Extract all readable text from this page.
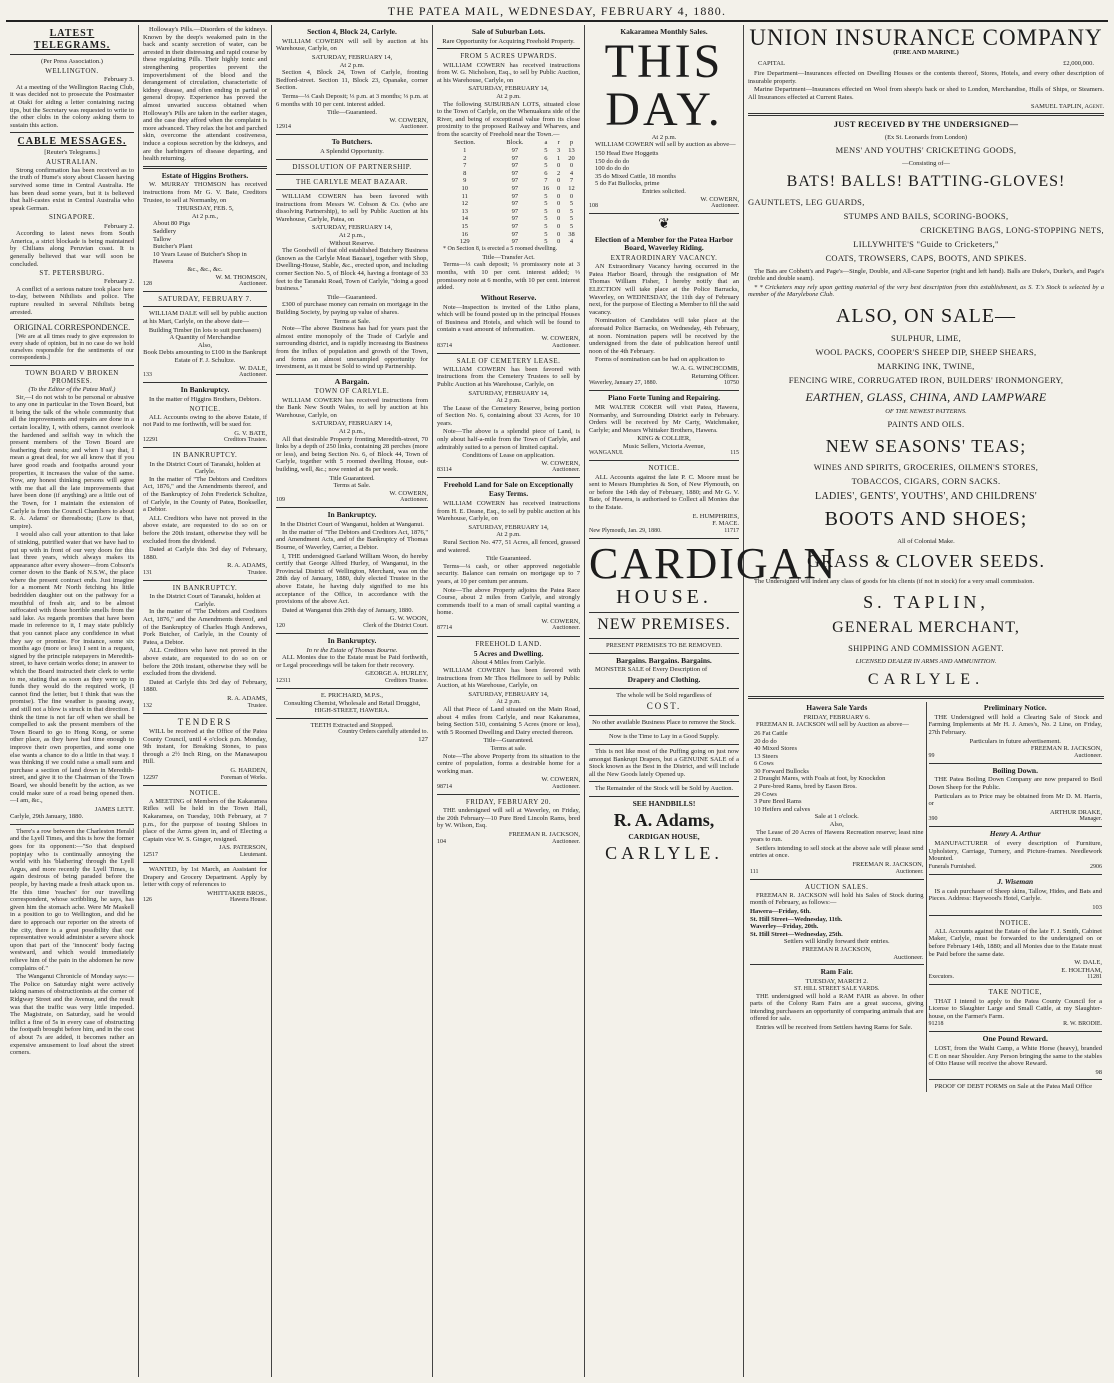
THE PATEA MAIL, WEDNESDAY, FEBRUARY 4, 1880.
LATEST TELEGRAMS.
(Per Press Association.)
WELLINGTON.
February 3.

At a meeting of the Wellington Racing Club, it was decided not to prosecute the Postmaster at Otaki for aiding a letter containing racing tips, but the Secretary was requested to write to the other clubs in the colony asking them to sustain this action.

CABLE MESSAGES.
[Reuter's Telegrams.]
AUSTRALIAN.

Strong confirmation has been received as to the truth of Hume's story about Classen having survived some time in Central Australia. He has been dead some years, but it is believed that half-castes exist in Central Australia who speak German.

SINGAPORE.
February 2.

According to latest news from South America, a strict blockade is being maintained by Chilians along Peruvian coast. It is generally believed that war will soon be concluded.

ST. PETERSBURG.
February 2.

A conflict of a serious nature took place here to-day, between Nihilists and police. The rupture resulted in several Nihilists being arrested.

ORIGINAL CORRESPONDENCE.

[We are at all times ready to give expression to every shade of opinion, but in no case do we hold ourselves responsible for the sentiments of our correspondents.]

TOWN BOARD V BROKEN PROMISES.
(To the Editor of the Patea Mail.)

Sir,—I do not wish to be personal or abusive to any one in particular in the Town Board, but it being the talk of the whole community that all the improvements and repairs are done in a certain locality, I, with others, cannot overlook the hardened and selfish way in which the present members of the Town Board are feathering their nests; and when I say that, I mean a great deal, for we all know that if you have good roads and footpaths around your properties, it increases the value of the same. Now, any honest thinking persons will agree with me that all the late improvements that have been done (if anything) are a little out of the Town, for I maintain the extension of Carlyle is from the Council Chambers to about R. A. Adams' or thereabouts; (Low is that, umpire).

I would also call your attention to that lake of stinking, putrified water that we have had to put up with in front of our very doors for this last three years, which always makes its appearance after every shower—from Cobson's corner down to the Bank of N.S.W., the place where the present contract ends. Just imagine for a moment Mr North fetching his little bedridden daughter out on the pathway for a mouthful of fresh air, and to be almost suffocated with those horrible smells from the said lake. As regards promises that have been made in reference to it, I may state publicly that you cannot place any confidence in what they say or promise. For instance, some six months ago (more or less) I sent in a request, signed by the principle ratepayers in Meredith-street, to have certain works done; in answer to which the Board instructed their clerk to write to me, stating that as soon as they were up in funds they would do the required work, (I cannot find the letter, but I think that was the promise). The fine weather is passing away, and still not a blow is struck in that direction. I think the time is not far off when we shall be compelled to ask the present members of the Town Board to go to Hong Kong, or some other place, as they have had time enough to improve their own properties, and some one else wants a chance to do a little in that way. I was thinking if we could raise a small sum and purchase a section of land down in Meredith-street, and give it to the Chairman of the Town Board, we should benefit by the action, as we could make sure of a road being opened then.—I am, &c.,

JAMES LETT.
Carlyle, 29th January, 1880.

There's a row between the Charleston Herald and the Lyell Times, and this is how the former goes for its opponent:—"So that despised popinjay who is continually annoying the world with his 'blathering' through the Lyell Argus, and more recently the Lyell Times, is again desirous of being paraded before the people, by having made a fresh attack upon us. He this time 'reaches' for our travelling correspondent, whose scribbling, he says, has given him the stomach ache. Were Mr Maskell in a position to go to Wellington, and did he dare to approach our reporter on the streets of the city, there is a great possibility that our representative would administer a severe shock upon that part of the 'innocent' body facing westward, and which would immediately relieve him of the pain in the abdomen he now complains of."

The Wanganui Chronicle of Monday says:—The Police on Saturday night were actively taking names of obstructionists at the corner of Ridgway Street and the Avenue, and the result was that the traffic was very little impeded. The Magistrate, on Saturday, said he would inflict a fine of 5s in every case of obstructing the footpath brought before him, and in the cost of about 7s are added, it becomes rather an expensive amusement to loaf about the street corners.

Holloway's Pills.—Disorders of the kidneys. Known by the deep's weakened pain in the back and scanty secretion of water, can be arrested in their distressing and rapid course by these regulating Pills. Their highly tonic and strengthening properties prevent the impoverishment of the blood and the derangement of circulation, characteristic of kidney disease, and often ending in partial or general dropsy. Experience has proved the almost unvaried success obtained when Holloway's Pills are taken in the earlier stages, and the case they afford when the complaint is more advanced. They relax the hot and parched skin, overcome the attendant costiveness, induce a copious secretion by the kidneys, and are the harbingers of disease departing, and health returning.

Estate of Higgins Brothers.

W. MURRAY THOMSON has received instructions from Mr G. V. Bate, Creditors Trustee, to sell at Normanby, on

THURSDAY, FEB. 5,
At 2 p.m.,
About 80 Pigs
Saddlery
Tallow
Butcher's Plant
10 Years Lease of Butcher's Shop in Hawera
&c., &c., &c.
W. M. THOMSON,
128	Auctioneer.
SATURDAY, FEBRUARY 7.

WILLIAM DALE will sell by public auction at his Mart, Carlyle, on the above date—

Building Timber (in lots to suit purchasers)
A Quantity of Merchandise
Also,
Book Debts amounting to £100 in the Bankrupt Estate of F. J. Schultze.
W. DALE,
133	Auctioneer.
In Bankruptcy.
In the matter of Higgins Brothers, Debtors.
NOTICE.

ALL Accounts owing to the above Estate, if not Paid to me forthwith, will be sued for.

G. V. BATE,
12291	Creditors Trustee.
IN BANKRUPTCY.
In the District Court of Taranaki, holden at Carlyle.

In the matter of "The Debtors and Creditors Act, 1876," and the Amendments thereof, and of the Bankruptcy of John Frederick Schultze, of Carlyle, in the County of Patea, Bookseller, a Debtor.

ALL Creditors who have not proved in the above estate, are requested to do so on or before the 20th instant, otherwise they will be excluded from the dividend.

Dated at Carlyle this 3rd day of February, 1880.

R. A. ADAMS,
131	Trustee.
IN BANKRUPTCY.
In the District Court of Taranaki, holden at Carlyle.

In the matter of "The Debtors and Creditors Act, 1876," and the Amendments thereof, and of the Bankruptcy of Charles Hugh Andrews, Pork Butcher, of Carlyle, in the County of Patea, a Debtor.

ALL Creditors who have not proved in the above estate, are requested to do so on or before the 20th instant, otherwise they will be excluded from the dividend.

Dated at Carlyle this 3rd day of February, 1880.

R. A. ADAMS,
132	Trustee.
TENDERS

WILL be received at the Office of the Patea County Council, until 4 o'clock p.m. Monday, 9th instant, for Breaking Stones, to pass through a 2½ Inch Ring, on the Manawapou Hill.

G. HARDEN,
12297	Foreman of Works.
NOTICE.

A MEETING of Members of the Kakaramea Rifles will be held in the Town Hall, Kakaramea, on Tuesday, 10th February, at 7 p.m., for the purpose of issuing Shiloes in place of the Arms given in, and of Electing a Captain vice W. S. Ginger, resigned.

JAS. PATERSON,
12517	Lieutenant.

WANTED, by 1st March, an Assistant for Drapery and Grocery Department. Apply by letter with copy of references to

WHITTAKER BROS.,
126	Hawera House.
Section 4, Block 24, Carlyle.

WILLIAM COWERN will sell by auction at his Warehouse, Carlyle, on

SATURDAY, FEBRUARY 14,
At 2 p.m.

Section 4, Block 24, Town of Carlyle, fronting Bedford-street. Section 11, Block 23, Opanake, corner Section.

Terms—⅓ Cash Deposit; ⅓ p.m. at 3 months; ⅓ p.m. at 6 months with 10 per cent. interest added.

Title—Guaranteed.
W. COWERN,
12914	Auctioneer.
To Butchers.
A Splendid Opportunity.
DISSOLUTION OF PARTNERSHIP.
THE CARLYLE MEAT BAZAAR.

WILLIAM COWERN has been favored with instructions from Messrs W. Cobson & Co. (who are dissolving Partnership), to sell by Public Auction at his Warehouse, Carlyle, Patea, on

SATURDAY, FEBRUARY 14,
At 2 p.m.,
Without Reserve.

The Goodwill of that old established Butchery Business (known as the Carlyle Meat Bazaar), together with Shop, Dwelling-House, Stable, &c., erected upon, and including corner Section No. 5, of Block 44, having a frontage of 33 feet to the Taranaki Road, Town of Carlyle, "doing a good business."

Title—Guaranteed.

£300 of purchase money can remain on mortgage in the Building Society, by paying up value of shares.

Terms at Sale.

Note—The above Business has had for years past the almost entire monopoly of the Trade of Carlyle and surrounding district, and is rapidly increasing its Business from the influx of population and growth of the Town, and forms an almost unexampled opportunity for investment, as it must be Sold to wind up Partnership.

A Bargain.
TOWN OF CARLYLE.

WILLIAM COWERN has received instructions from the Bank New South Wales, to sell by auction at his Warehouse, Carlyle, on

SATURDAY, FEBRUARY 14,
At 2 p.m.,

All that desirable Property fronting Meredith-street, 70 links by a depth of 250 links, containing 28 perches (more or less), and being Section No. 6, of Block 44, Town of Carlyle, together with 5 roomed dwelling House, out-building, well, &c.; now rented at 8s per week.

Title Guaranteed.
Terms at Sale.
W. COWERN,
109	Auctioneer.
In Bankruptcy.
In the District Court of Wanganui, holden at Wanganui.

In the matter of "The Debtors and Creditors Act, 1876," and Amendment Acts, and of the Bankruptcy of Thomas Bourne, of Waverley, Carrier, a Debtor.

I, THE undersigned Garland William Woon, do hereby certify that George Alfred Hurley, of Wanganui, in the Provincial District of Wellington, Merchant, was on the 28th day of January, 1880, duly elected Trustee in the above Estate, he having duly signified to me his acceptance of the Office, in accordance with the provisions of the above Act.

Dated at Wanganui this 29th day of January, 1880.

G. W. WOON,
120	Clerk of the District Court.
In Bankruptcy.
In re the Estate of Thomas Bourne.

ALL Monies due to the Estate must be Paid forthwith, or Legal proceedings will be taken for their recovery.

GEORGE A. HURLEY,
12311	Creditors Trustee.
E. PRICHARD, M.P.S.,
Consulting Chemist, Wholesale and Retail Druggist,
HIGH-STREET, HAWERA.
TEETH Extracted and Stopped.
Country Orders carefully attended to.
127
Sale of Suburban Lots.
Rare Opportunity for Acquiring Freehold Property.
FROM 5 ACRES UPWARDS.

WILLIAM COWERN has received instructions from W. G. Nicholson, Esq., to sell by Public Auction, at his Warehouse, Carlyle, on

SATURDAY, FEBRUARY 14,
At 2 p.m.

The following SUBURBAN LOTS, situated close to the Town of Carlyle, on the Whenuakura side of the River, and being of exceptional value from its close proximity to the proposed Railway and Wharves, and from the scarcity of Freehold near the Town.—

Section.	Block.	a	r	p
1	97	5	3	13
2	97	6	1	20
7	97	5	0	0
8	97	6	2	4
9	97	7	0	7
10	97	16	0	12
11	97	5	0	0
12	97	5	0	5
13	97	5	0	5
14	97	5	0	5
15	97	5	0	5
16	97	5	0	38
129	97	5	0	4

* On Section 8, is erected a 5 roomed dwelling.

Title—Transfer Act.

Terms—⅓ cash deposit; ⅓ promissory note at 3 months, with 10 per cent. interest added; ⅓ promissory note at 6 months, with 10 per cent. interest added.

Without Reserve.

Note—Inspection is invited of the Litho plans, which will be found posted up in the principal Houses of Business and Hotels, and which will be found to contain a vast amount of information.

W. COWERN,
83714	Auctioneer.
SALE OF CEMETERY LEASE.

WILLIAM COWERN has been favored with instructions from the Cemetery Trustees to sell by Public Auction at his Warehouse, Carlyle, on

SATURDAY, FEBRUARY 14,
At 2 p.m.

The Lease of the Cemetery Reserve, being portion of Section No. 6, containing about 33 Acres, for 10 years.

Note—The above is a splendid piece of Land, is only about half-a-mile from the Town of Carlyle, and admirably suited to a person of limited capital.

Conditions of Lease on application.
W. COWERN,
83114	Auctioneer.
Freehold Land for Sale on Exceptionally Easy Terms.

WILLIAM COWERN has received instructions from H. E. Deane, Esq., to sell by public auction at his Warehouse, Carlyle, on

SATURDAY, FEBRUARY 14,
At 2 p.m.

Rural Section No. 477, 51 Acres, all fenced, grassed and watered.

Title Guaranteed.

Terms—¼ cash, or other approved negotiable security. Balance can remain on mortgage up to 7 years, at 10 per centum per annum.

Note—The above Property adjoins the Patea Race Course, about 2 miles from Carlyle, and strongly commends itself to a man of small capital wanting a home.

W. COWERN,
87714	Auctioneer.
FREEHOLD LAND.
5 Acres and Dwelling.
About 4 Miles from Carlyle.

WILLIAM COWERN has been favored with instructions from Mr Thos Hellmore to sell by Public Auction, at his Warehouse, Carlyle, on

SATURDAY, FEBRUARY 14,
At 2 p.m.

All that Piece of Land situated on the Main Road, about 4 miles from Carlyle, and near Kakaramea, being Section 510, containing 5 Acres (more or less), with 5 Roomed Dwelling and Dairy erected thereon.

Title—Guaranteed.
Terms at sale.

Note—The above Property from its situation to the centre of population, forms a desirable home for a working man.

W. COWERN,
98714	Auctioneer.
FRIDAY, FEBRUARY 20.

THE undersigned will sell at Waverley, on Friday, the 20th February—10 Pure Bred Lincoln Rams, bred by W. Wilson, Esq.

FREEMAN R. JACKSON,
104	Auctioneer.
Kakaramea Monthly Sales.
THIS DAY.
At 2 p.m.

WILLIAM COWERN will sell by auction as above—

150 Head Ewe Hoggetts
150 do do do
100 do do do
35 do Mixed Cattle, 18 months
5 do Fat Bullocks, prime
Entries solicited.
W. COWERN,
108	Auctioneer.
❦
Election of a Member for the Patea Harbor Board, Waverley Riding.
EXTRAORDINARY VACANCY.

AN Extraordinary Vacancy having occurred in the Patea Harbor Board, through the resignation of Mr Thomas William Fisher, I hereby notify that an ELECTION will take place at the Police Barracks, Waverley, on WEDNESDAY, the 11th day of February next, for the purpose of Electing a Member to fill the said vacancy.

Nomination of Candidates will take place at the aforesaid Police Barracks, on Wednesday, 4th February, at noon. Nomination papers will be received by the undersigned from the date of publication hereof until noon of the 4th February.

Forms of nomination can be had on application to

W. A. G. WINCHCOMB,
Returning Officer.
Waverley, January 27, 1880.	10750
Piano Forte Tuning and Repairing.

MR WALTER COKER will visit Patea, Hawera, Normanby, and Surrounding District early in February. Orders will be received by Mr Carty, Watchmaker, Carlyle; and Messrs Whittaker Brothers, Hawera.

KING & COLLIER,
Music Sellers, Victoria Avenue,
WANGANUI.	115
NOTICE.

ALL Accounts against the late P. C. Moore must be sent to Messrs Humphries & Son, of New Plymouth, on or before the 14th day of February, 1880; and Mr G. V. Bate, of Hawera, is authorised to Collect all Monies due to the Estate.

E. HUMPHRIES,
F. MACE.
New Plymouth, Jan. 29, 1880.	11717
CARDIGAN
HOUSE.
NEW PREMISES.
PRESENT PREMISES TO BE REMOVED.
Bargains. Bargains. Bargains.

MONSTER SALE of Every Description of

Drapery and Clothing.
The whole will be Sold regardless of
COST.
No other available Business Place to remove the Stock.
Now is the Time to Lay in a Good Supply.

This is not like most of the Puffing going on just now amongst Bankrupt Drapers, but a GENUINE SALE of a Stock known as the Best in the District, and will include all the New Goods lately Opened up.

The Remainder of the Stock will be Sold by Auction.
SEE HANDBILLS!
R. A. Adams,
CARDIGAN HOUSE,
CARLYLE.
UNION INSURANCE COMPANY
(FIRE AND MARINE.)
CAPITAL	£2,000,000.

Fire Department—Insurances effected on Dwelling Houses or the contents thereof, Stores, Hotels, and every other description of insurable property.

Marine Department—Insurances effected on Wool from sheep's back or shed to London, Merchandise, Hulls of Ships, or Steamers. All Insurances effected at Current Rates.

SAMUEL TAPLIN, Agent.
JUST RECEIVED BY THE UNDERSIGNED—
(Ex St. Leonards from London)
MENS' AND YOUTHS' CRICKETING GOODS,
—Consisting of—
BATS! BALLS! BATTING-GLOVES!
GAUNTLETS, LEG GUARDS,
STUMPS AND BAILS, SCORING-BOOKS,
CRICKETING BAGS, LONG-STOPPING NETS,
LILLYWHITE'S "Guide to Cricketers,"
COATS, TROWSERS, CAPS, BOOTS, AND SPIKES.

The Bats are Cobbett's and Page's—Single, Double, and All-cane Superior (right and left hand). Balls are Duke's, Durke's, and Page's (treble and double seam).

* * Cricketers may rely upon getting material of the very best description from this establishment, as S. T.'s Stock is selected by a member of the Marylebone Club.

ALSO, ON SALE—
SULPHUR, LIME,
WOOL PACKS, COOPER'S SHEEP DIP, SHEEP SHEARS,
MARKING INK, TWINE,
FENCING WIRE, CORRUGATED IRON, BUILDERS' IRONMONGERY,
EARTHEN, GLASS, CHINA, AND LAMPWARE
OF THE NEWEST PATTERNS.
PAINTS AND OILS.
NEW SEASONS' TEAS;
WINES AND SPIRITS, GROCERIES, OILMEN'S STORES,
TOBACCOS, CIGARS, CORN SACKS.
LADIES', GENTS', YOUTHS', AND CHILDRENS'
BOOTS AND SHOES;
All of Colonial Make.
GRASS & CLOVER SEEDS.

The Undersigned will indent any class of goods for his clients (if not in stock) for a very small commission.

S. TAPLIN,
GENERAL MERCHANT,
SHIPPING AND COMMISSION AGENT.
LICENSED DEALER IN ARMS AND AMMUNITION.
CARLYLE.
Hawera Sale Yards
FRIDAY, FEBRUARY 6.

FREEMAN R. JACKSON will sell by Auction as above—

26 Fat Cattle
20 do do
40 Mixed Stores
13 Steers
6 Cows
30 Forward Bullocks
2 Draught Mares, with Foals at foot, by Knockdon
2 Pure-bred Rams, bred by Eason Bros.
29 Cows
3 Pure Bred Rams
10 Heifers and calves
Sale at 1 o'clock.
Also,

The Lease of 20 Acres of Hawera Recreation reserve; least nine years to run.

Settlers intending to sell stock at the above sale will please send entries at once.

FREEMAN R. JACKSON,
111	Auctioneer.
AUCTION SALES.

FREEMAN R. JACKSON will hold his Sales of Stock during month of February, as follows:—

Hawera—Friday, 6th.
St. Hill Street—Wednesday, 11th.
Waverley—Friday, 20th.
St. Hill Street—Wednesday, 25th.
Settlers will kindly forward their entries.
FREEMAN R JACKSON,
Auctioneer.
Ram Fair.
TUESDAY, MARCH 2.
ST. HILL STREET SALE YARDS.

THE undersigned will hold a RAM FAIR as above. In other parts of the Colony Ram Fairs are a great success, giving intending purchasers an opportunity of comparing animals that are offered for sale.

Entries will be received from Settlers having Rams for Sale.

Preliminary Notice.

THE Undersigned will hold a Clearing Sale of Stock and Farming Implements at Mr H. J. Ames's, No. 2 Line, on Friday, 27th February.

Particulars in future advertisement.
FREEMAN R. JACKSON,
99	Auctioneer.
Boiling Down.

THE Patea Boiling Down Company are now prepared to Boil Down Sheep for the Public.

Particulars as to Price may be obtained from Mr D. M. Harris, or

ARTHUR DRAKE,
390	Manager.
Henry A. Arthur

MANUFACTURER of every description of Furniture, Upholstery, Carriage, Turnery, and Picture-frames. Needlework Mounted.

Funerals Furnished.	2906
J. Wiseman

IS a cash purchaser of Sheep skins, Tallow, Hides, and Bats and Pieces. Address: Haywood's Hotel, Carlyle.

103
NOTICE.

ALL Accounts against the Estate of the late F. J. Smith, Cabinet Maker, Carlyle, must be forwarded to the undersigned on or before February 14th, 1880; and all Monies due to the Estate must be Paid before the same date.

W. DALE,
E. HOLTHAM,
Executors.	11281
TAKE NOTICE,

THAT I intend to apply to the Patea County Council for a License to Slaughter Large and Small Cattle, at my Slaughter-house, on the Farmer's Farm.

91218	R. W. BRODIE.
One Pound Reward.

LOST, from the Waihi Camp, a White Horse (heavy), branded C E on near Shoulder. Any Person bringing the same to the stables of Otto Hause will receive the above Reward.

98

PROOF OF DEBT FORMS on Sale at the Patea Mail Office
